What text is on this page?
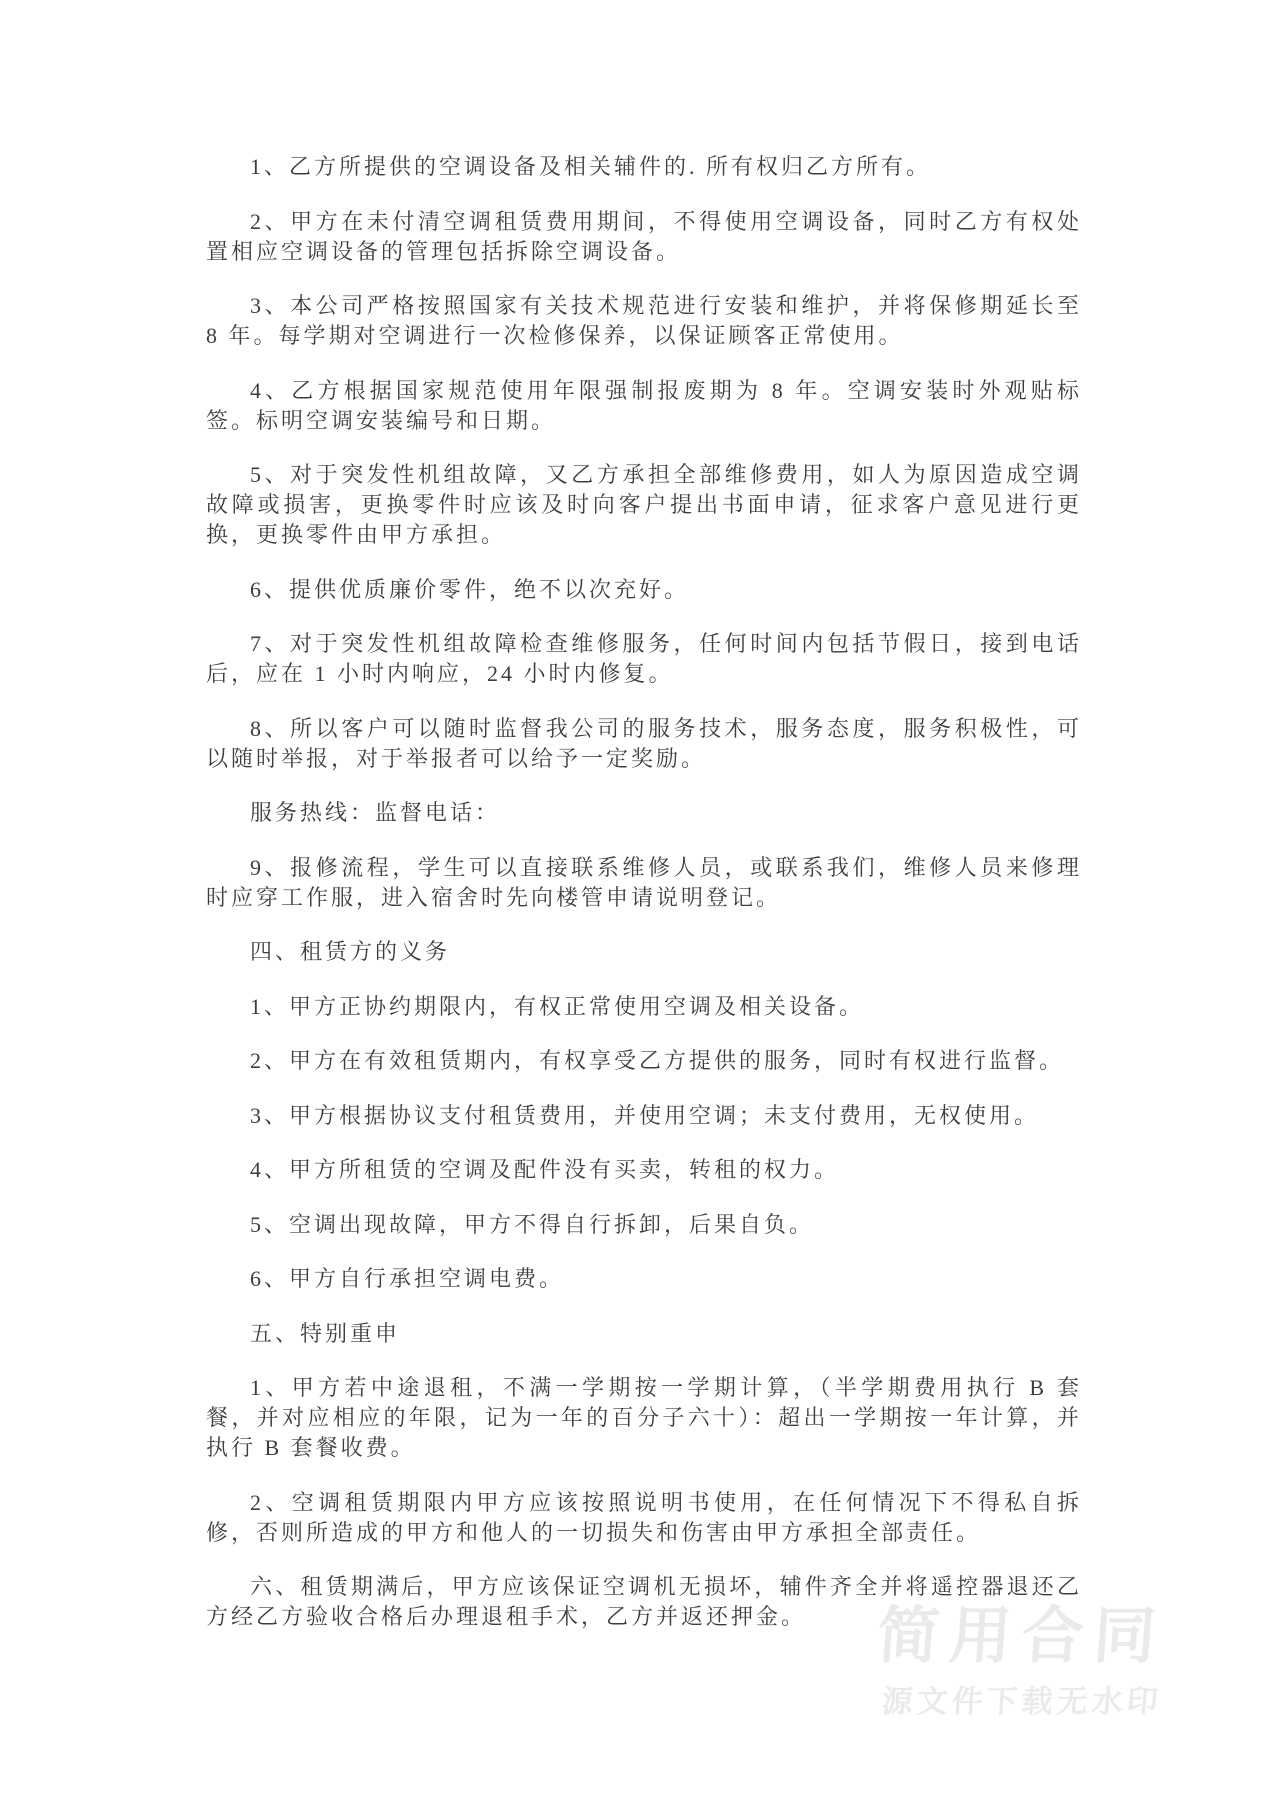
简用合同
源文件下载无水印

1、乙方所提供的空调设备及相关辅件的. 所有权归乙方所有。

2、甲方在未付清空调租赁费用期间，不得使用空调设备，同时乙方有权处置相应空调设备的管理包括拆除空调设备。

3、本公司严格按照国家有关技术规范进行安装和维护，并将保修期延长至 8 年。每学期对空调进行一次检修保养，以保证顾客正常使用。

4、乙方根据国家规范使用年限强制报废期为 8 年。空调安装时外观贴标签。标明空调安装编号和日期。

5、对于突发性机组故障，又乙方承担全部维修费用，如人为原因造成空调故障或损害，更换零件时应该及时向客户提出书面申请，征求客户意见进行更换，更换零件由甲方承担。

6、提供优质廉价零件，绝不以次充好。

7、对于突发性机组故障检查维修服务，任何时间内包括节假日，接到电话后，应在 1 小时内响应，24 小时内修复。

8、所以客户可以随时监督我公司的服务技术，服务态度，服务积极性，可以随时举报，对于举报者可以给予一定奖励。

服务热线：监督电话：

9、报修流程，学生可以直接联系维修人员，或联系我们，维修人员来修理时应穿工作服，进入宿舍时先向楼管申请说明登记。

四、租赁方的义务

1、甲方正协约期限内，有权正常使用空调及相关设备。

2、甲方在有效租赁期内，有权享受乙方提供的服务，同时有权进行监督。

3、甲方根据协议支付租赁费用，并使用空调；未支付费用，无权使用。

4、甲方所租赁的空调及配件没有买卖，转租的权力。

5、空调出现故障，甲方不得自行拆卸，后果自负。

6、甲方自行承担空调电费。

五、特别重申

1、甲方若中途退租，不满一学期按一学期计算，（半学期费用执行 B 套餐，并对应相应的年限，记为一年的百分子六十）：超出一学期按一年计算，并执行 B 套餐收费。

2、空调租赁期限内甲方应该按照说明书使用，在任何情况下不得私自拆修，否则所造成的甲方和他人的一切损失和伤害由甲方承担全部责任。

六、租赁期满后，甲方应该保证空调机无损坏，辅件齐全并将遥控器退还乙方经乙方验收合格后办理退租手术，乙方并返还押金。
